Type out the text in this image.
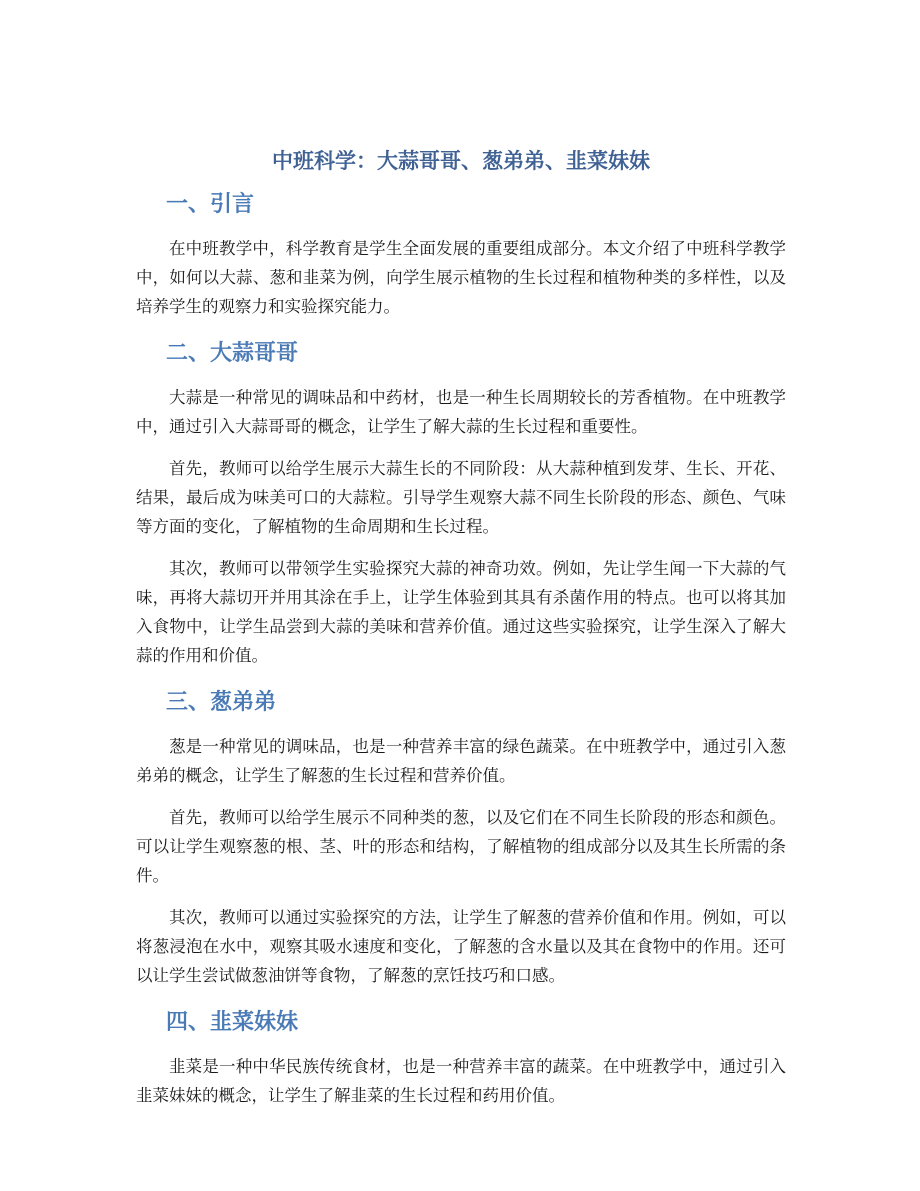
中班科学：大蒜哥哥、葱弟弟、韭菜妹妹
一、引言

在中班教学中，科学教育是学生全面发展的重要组成部分。本文介绍了中班科学教学中，如何以大蒜、葱和韭菜为例，向学生展示植物的生长过程和植物种类的多样性，以及培养学生的观察力和实验探究能力。

二、大蒜哥哥

大蒜是一种常见的调味品和中药材，也是一种生长周期较长的芳香植物。在中班教学中，通过引入大蒜哥哥的概念，让学生了解大蒜的生长过程和重要性。

首先，教师可以给学生展示大蒜生长的不同阶段：从大蒜种植到发芽、生长、开花、结果，最后成为味美可口的大蒜粒。引导学生观察大蒜不同生长阶段的形态、颜色、气味等方面的变化，了解植物的生命周期和生长过程。

其次，教师可以带领学生实验探究大蒜的神奇功效。例如，先让学生闻一下大蒜的气味，再将大蒜切开并用其涂在手上，让学生体验到其具有杀菌作用的特点。也可以将其加入食物中，让学生品尝到大蒜的美味和营养价值。通过这些实验探究，让学生深入了解大蒜的作用和价值。

三、葱弟弟

葱是一种常见的调味品，也是一种营养丰富的绿色蔬菜。在中班教学中，通过引入葱弟弟的概念，让学生了解葱的生长过程和营养价值。

首先，教师可以给学生展示不同种类的葱，以及它们在不同生长阶段的形态和颜色。可以让学生观察葱的根、茎、叶的形态和结构，了解植物的组成部分以及其生长所需的条件。

其次，教师可以通过实验探究的方法，让学生了解葱的营养价值和作用。例如，可以将葱浸泡在水中，观察其吸水速度和变化，了解葱的含水量以及其在食物中的作用。还可以让学生尝试做葱油饼等食物，了解葱的烹饪技巧和口感。

四、韭菜妹妹

韭菜是一种中华民族传统食材，也是一种营养丰富的蔬菜。在中班教学中，通过引入韭菜妹妹的概念，让学生了解韭菜的生长过程和药用价值。
